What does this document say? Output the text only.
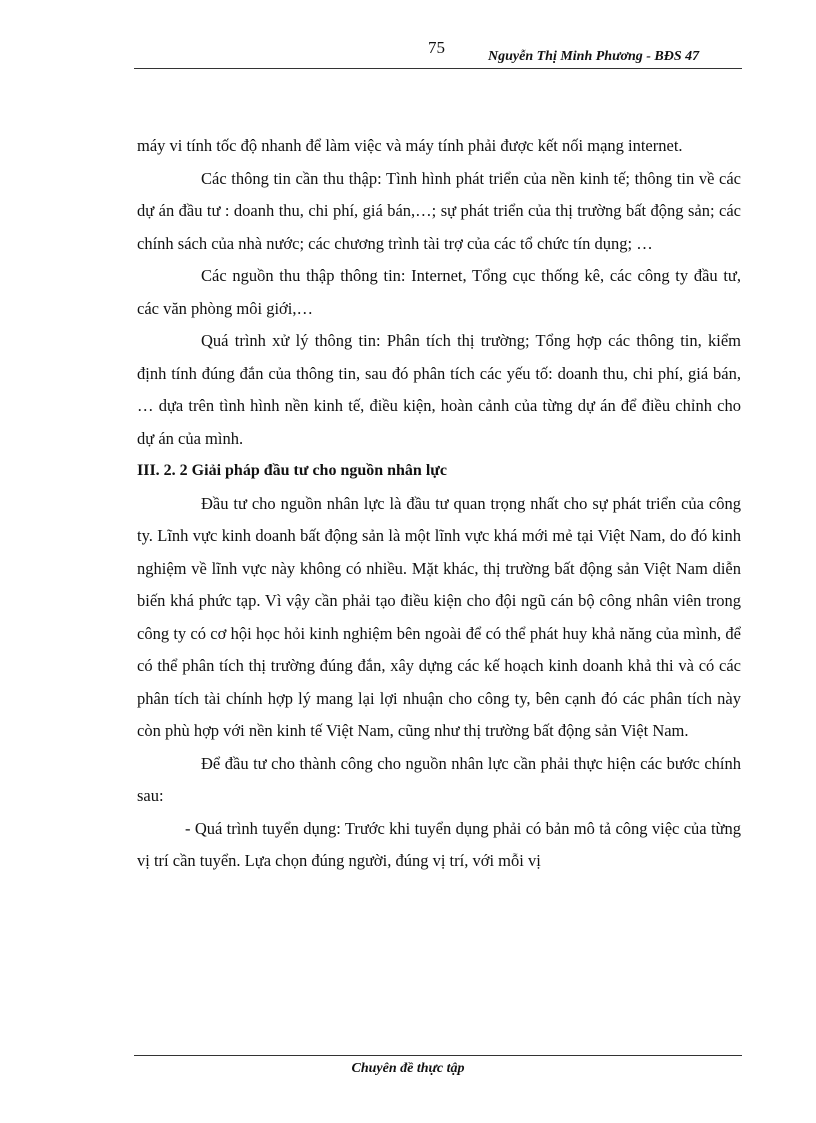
75	Nguyễn Thị Minh Phương - BĐS 47

máy vi tính tốc độ nhanh để làm việc và máy tính phải được kết nối mạng internet.

Các thông tin cần thu thập: Tình hình phát triển của nền kinh tế; thông tin về các dự án đầu tư : doanh thu, chi phí, giá bán,…; sự phát triển của thị trường bất động sản; các chính sách của nhà nước; các chương trình tài trợ của các tổ chức tín dụng; …

Các nguồn thu thập thông tin: Internet, Tổng cục thống kê, các công ty đầu tư, các văn phòng môi giới,…

Quá trình xử lý thông tin: Phân tích thị trường; Tổng hợp các thông tin, kiểm định tính đúng đắn của thông tin, sau đó phân tích các yếu tố: doanh thu, chi phí, giá bán, … dựa trên tình hình nền kinh tế, điều kiện, hoàn cảnh của từng dự án để điều chỉnh cho dự án của mình.

III. 2. 2 Giải pháp đầu tư cho nguồn nhân lực

Đầu tư cho nguồn nhân lực là đầu tư quan trọng nhất cho sự phát triển của công ty. Lĩnh vực kinh doanh bất động sản là một lĩnh vực khá mới mẻ tại Việt Nam, do đó kinh nghiệm về lĩnh vực này không có nhiều. Mặt khác, thị trường bất động sản Việt Nam diễn biến khá phức tạp. Vì vậy cần phải tạo điều kiện cho đội ngũ cán bộ công nhân viên trong công ty có cơ hội học hỏi kinh nghiệm bên ngoài để có thể phát huy khả năng của mình, để có thể phân tích thị trường đúng đắn, xây dựng các kế hoạch kinh doanh khả thi và có các phân tích tài chính hợp lý mang lại lợi nhuận cho công ty, bên cạnh đó các phân tích này còn phù hợp với nền kinh tế Việt Nam, cũng như thị trường bất động sản Việt Nam.

Để đầu tư cho thành công cho nguồn nhân lực cần phải thực hiện các bước chính sau:

- Quá trình tuyển dụng: Trước khi tuyển dụng phải có bản mô tả công việc của từng vị trí cần tuyển. Lựa chọn đúng người, đúng vị trí, với mỗi vị

Chuyên đề thực tập
